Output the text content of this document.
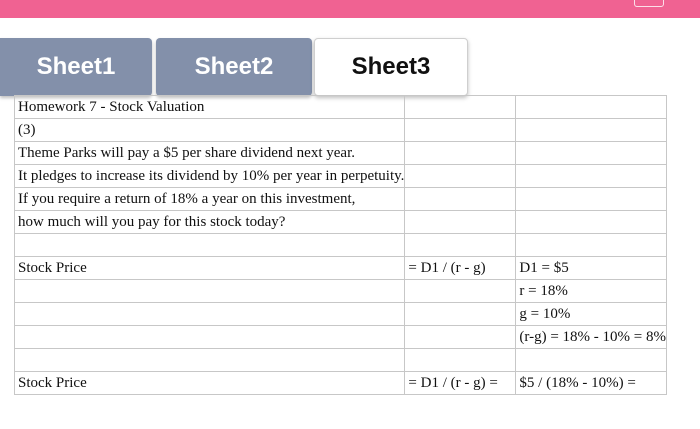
Sheet1	Sheet2	Sheet3
Homework 7 - Stock Valuation		
(3)		
Theme Parks will pay a $5 per share dividend next year.		
It pledges to increase its dividend by 10% per year in perpetuity.		
If you require a return of 18% a year on this investment,		
how much will you pay for this stock today?		

Stock Price	= D1 / (r - g)	D1 = $5
		r = 18%
		g = 10%
		(r-g) = 18% - 10% = 8%

Stock Price	= D1 / (r - g) =	$5 / (18% - 10%) =
